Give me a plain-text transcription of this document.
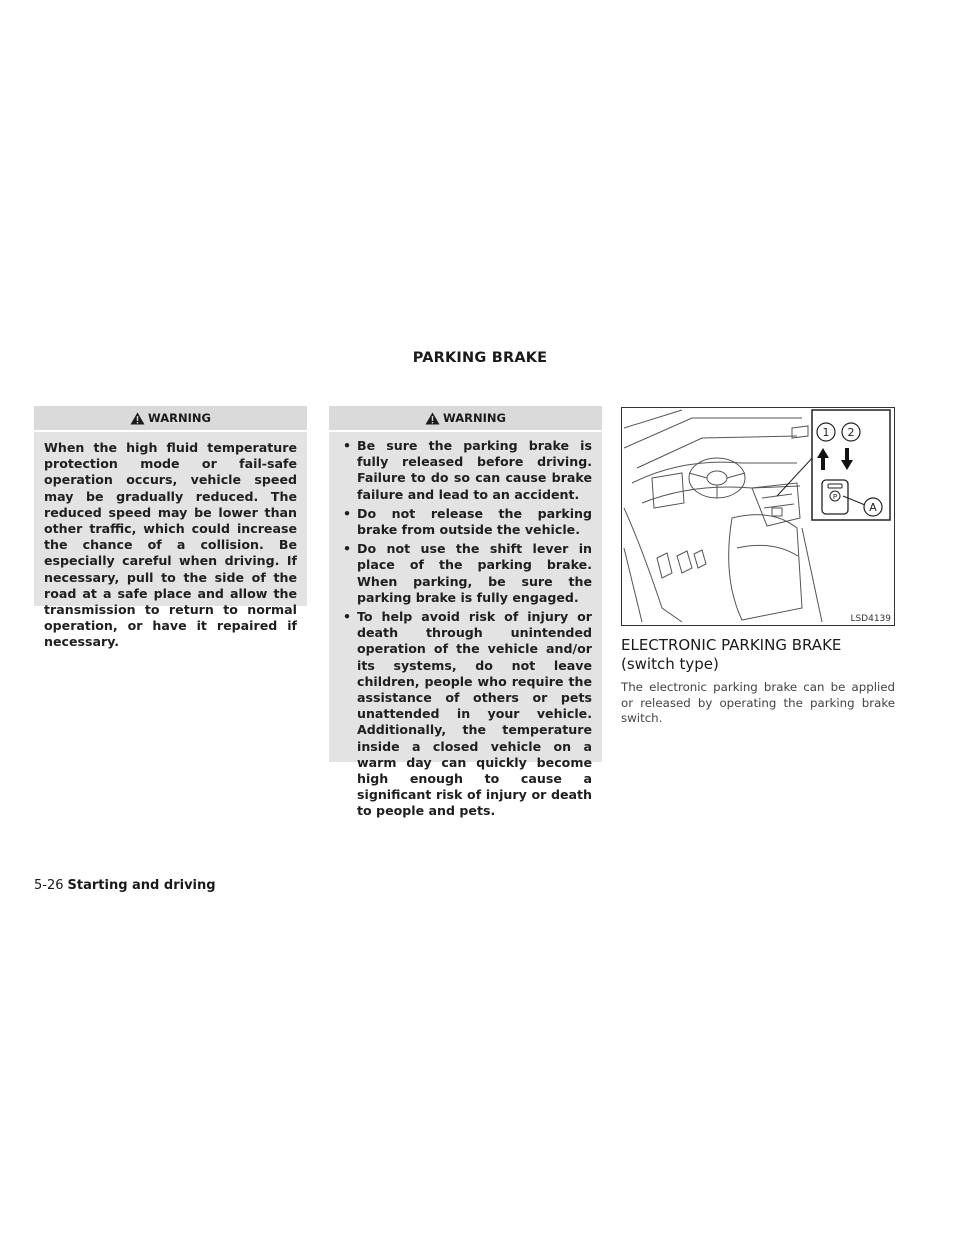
PARKING BRAKE
WARNING
When the high fluid temperature protection mode or fail-safe operation occurs, vehicle speed may be gradually reduced. The reduced speed may be lower than other traffic, which could increase the chance of a collision. Be especially careful when driving. If necessary, pull to the side of the road at a safe place and allow the transmission to return to normal operation, or have it repaired if necessary.
WARNING
• Be sure the parking brake is fully released before driving. Failure to do so can cause brake failure and lead to an accident.
• Do not release the parking brake from outside the vehicle.
• Do not use the shift lever in place of the parking brake. When parking, be sure the parking brake is fully engaged.
• To help avoid risk of injury or death through unintended operation of the vehicle and/or its systems, do not leave children, people who require the assistance of others or pets unattended in your vehicle. Additionally, the temperature inside a closed vehicle on a warm day can quickly become high enough to cause a significant risk of injury or death to people and pets.
P
1 2
A
LSD4139
ELECTRONIC PARKING BRAKE
(switch type)
The electronic parking brake can be applied or released by operating the parking brake switch.
5-26 Starting and driving
